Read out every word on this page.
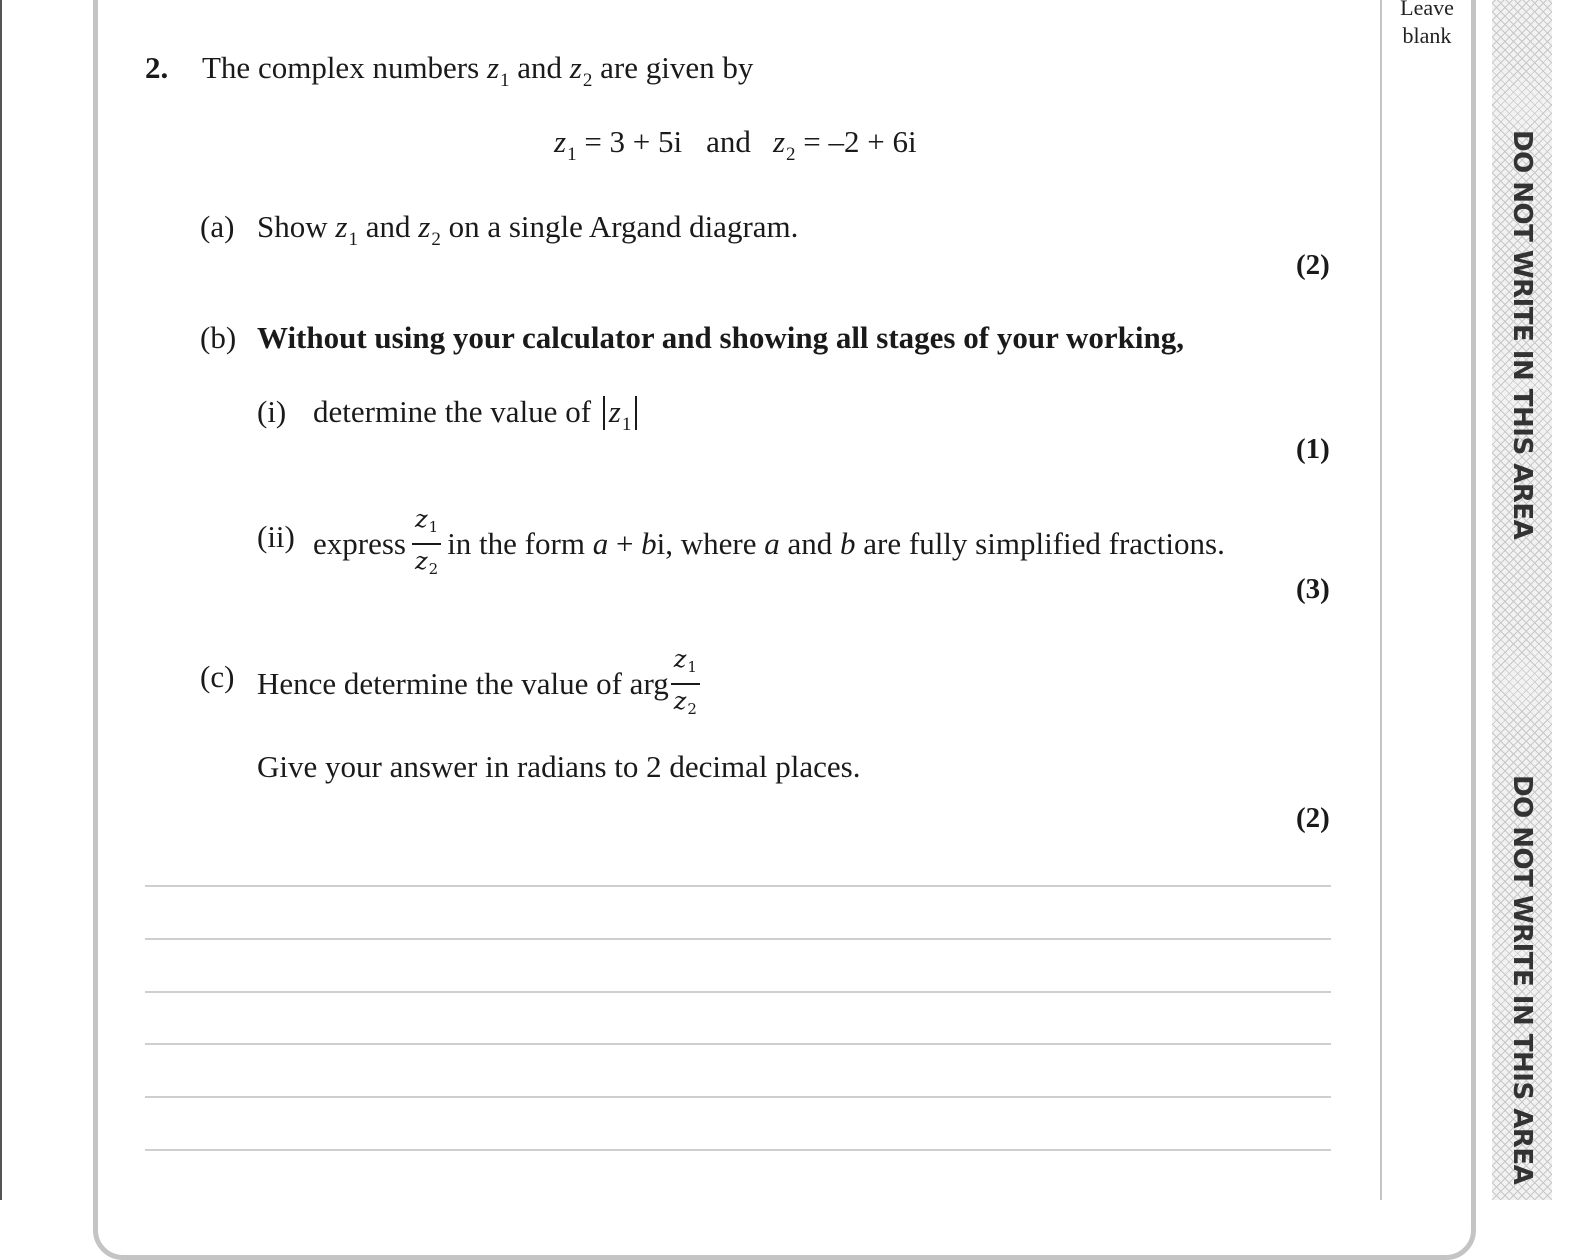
Leave
blank
DO NOT WRITE IN THIS AREA
DO NOT WRITE IN THIS AREA
2. The complex numbers $z_1$ and $z_2$ are given by
$z_1 = 3 + 5i$ and $z_2 = -2 + 6i$
(a) Show $z_1$ and $z_2$ on a single Argand diagram.
(2)
(b) Without using your calculator and showing all stages of your working,
(i) determine the value of $z_1$
(1)
(ii) express $\frac{z_1}{z_2}$ in the form a + bi, where a and b are fully simplified fractions.
(3)
(c) Hence determine the value of arg $\frac{z_1}{z_2}$
Give your answer in radians to 2 decimal places.
(2)
